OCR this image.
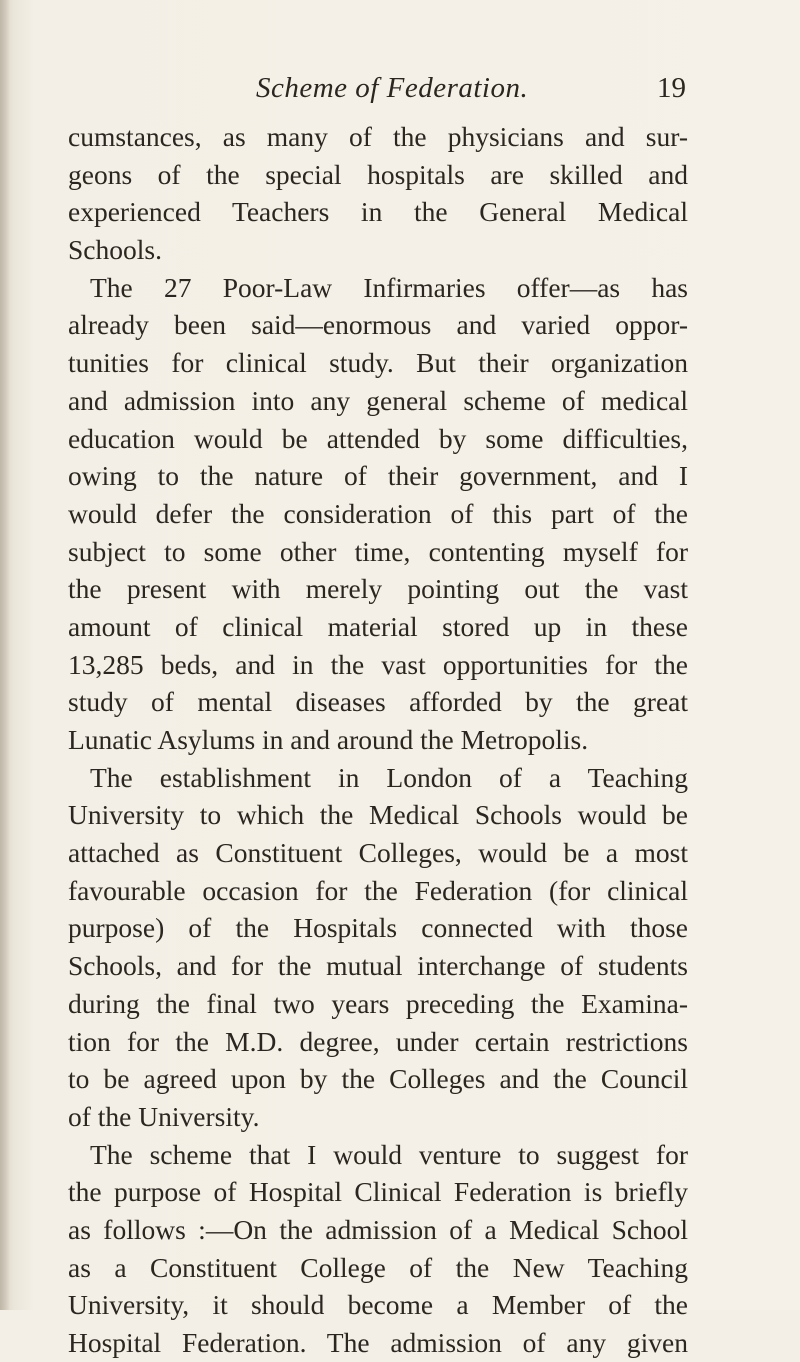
Scheme of Federation.	19
cumstances, as many of the physicians and sur-
geons of the special hospitals are skilled and
experienced Teachers in the General Medical
Schools.
The 27 Poor-Law Infirmaries offer—as has
already been said—enormous and varied oppor-
tunities for clinical study. But their organization
and admission into any general scheme of medical
education would be attended by some difficulties,
owing to the nature of their government, and I
would defer the consideration of this part of the
subject to some other time, contenting myself for
the present with merely pointing out the vast
amount of clinical material stored up in these
13,285 beds, and in the vast opportunities for the
study of mental diseases afforded by the great
Lunatic Asylums in and around the Metropolis.
The establishment in London of a Teaching
University to which the Medical Schools would be
attached as Constituent Colleges, would be a most
favourable occasion for the Federation (for clinical
purpose) of the Hospitals connected with those
Schools, and for the mutual interchange of students
during the final two years preceding the Examina-
tion for the M.D. degree, under certain restrictions
to be agreed upon by the Colleges and the Council
of the University.
The scheme that I would venture to suggest for
the purpose of Hospital Clinical Federation is briefly
as follows :—On the admission of a Medical School
as a Constituent College of the New Teaching
University, it should become a Member of the
Hospital Federation. The admission of any given
